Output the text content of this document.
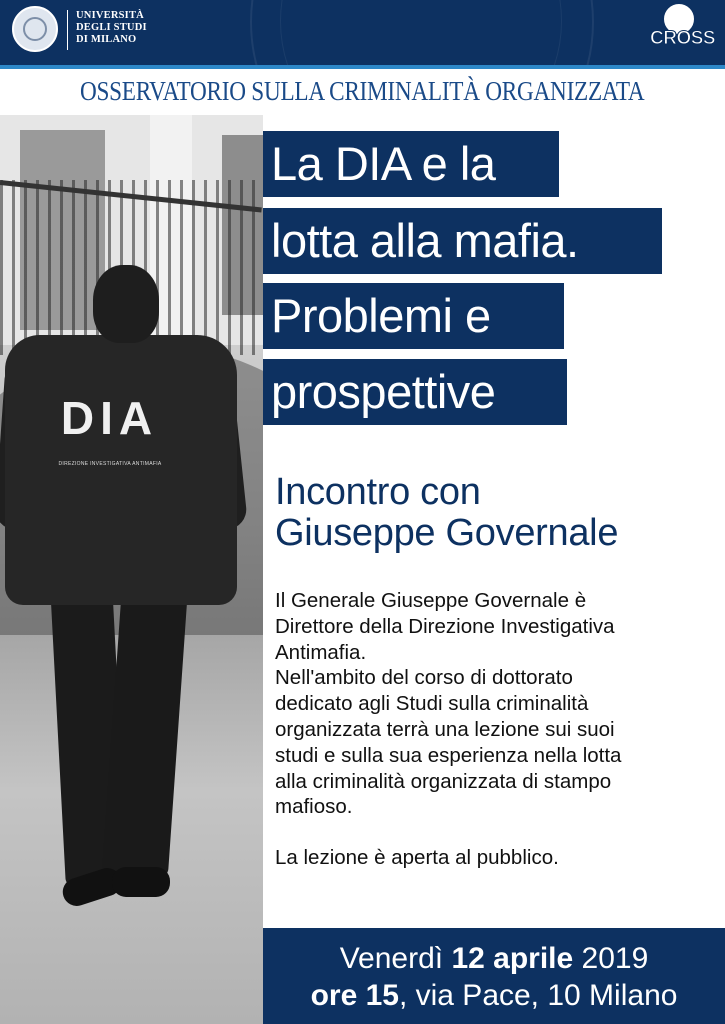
UNIVERSITÀ
DEGLI STUDI
DI MILANO	CROSS
OSSERVATORIO SULLA CRIMINALITÀ ORGANIZZATA
DIA
DIREZIONE INVESTIGATIVA ANTIMAFIA
La DIA e la
lotta alla mafia.
Problemi e
prospettive
Incontro con
Giuseppe Governale
Il Generale Giuseppe Governale è
Direttore della Direzione Investigativa
Antimafia.
Nell'ambito del corso di dottorato
dedicato agli Studi sulla criminalità
organizzata terrà una lezione sui suoi
studi e sulla sua esperienza nella lotta
alla criminalità organizzata di stampo
mafioso.
La lezione è aperta al pubblico.
Venerdì 12 aprile 2019
ore 15, via Pace, 10 Milano
